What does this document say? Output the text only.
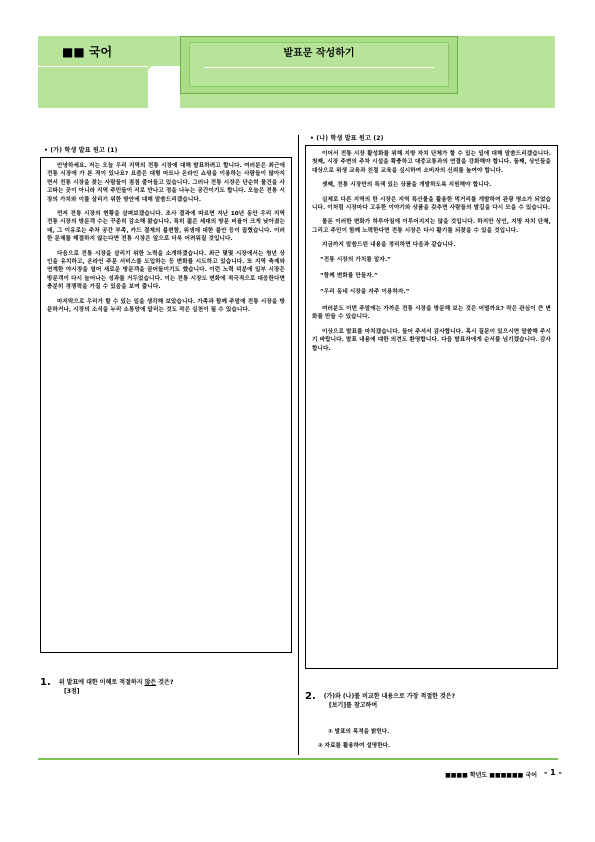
■■ 국어	발표문 작성하기
• (가) 학생 발표 원고 (1)

안녕하세요. 저는 오늘 우리 지역의 전통 시장에 대해 발표하려고 합니다. 여러분은 최근에 전통 시장에 가 본 적이 있나요? 요즘은 대형 마트나 온라인 쇼핑을 이용하는 사람들이 많아지면서 전통 시장을 찾는 사람들이 점점 줄어들고 있습니다. 그러나 전통 시장은 단순히 물건을 사고파는 곳이 아니라 지역 주민들이 서로 만나고 정을 나누는 공간이기도 합니다. 오늘은 전통 시장의 가치와 이를 살리기 위한 방안에 대해 말씀드리겠습니다.

먼저 전통 시장의 현황을 살펴보겠습니다. 조사 결과에 따르면 지난 10년 동안 우리 지역 전통 시장의 방문객 수는 꾸준히 감소해 왔습니다. 특히 젊은 세대의 방문 비율이 크게 낮아졌는데, 그 이유로는 주차 공간 부족, 카드 결제의 불편함, 위생에 대한 불안 등이 꼽혔습니다. 이러한 문제를 해결하지 않는다면 전통 시장은 앞으로 더욱 어려워질 것입니다.

다음으로 전통 시장을 살리기 위한 노력을 소개하겠습니다. 최근 몇몇 시장에서는 청년 상인을 유치하고, 온라인 주문 서비스를 도입하는 등 변화를 시도하고 있습니다. 또 지역 축제와 연계한 야시장을 열어 새로운 방문객을 끌어들이기도 했습니다. 이런 노력 덕분에 일부 시장은 방문객이 다시 늘어나는 성과를 거두었습니다. 이는 전통 시장도 변화에 적극적으로 대응한다면 충분히 경쟁력을 가질 수 있음을 보여 줍니다.

마지막으로 우리가 할 수 있는 일을 생각해 보았습니다. 가족과 함께 주말에 전통 시장을 방문하거나, 시장의 소식을 누리 소통망에 알리는 것도 작은 실천이 될 수 있습니다.

1. 위 발표에 대한 이해로 적절하지 않은 것은?
[3점]
• (나) 학생 발표 원고 (2)

이어서 전통 시장 활성화를 위해 지방 자치 단체가 할 수 있는 일에 대해 말씀드리겠습니다. 첫째, 시장 주변의 주차 시설을 확충하고 대중교통과의 연결을 강화해야 합니다. 둘째, 상인들을 대상으로 위생 교육과 친절 교육을 실시하여 소비자의 신뢰를 높여야 합니다.

셋째, 전통 시장만의 특색 있는 상품을 개발하도록 지원해야 합니다.

실제로 다른 지역의 한 시장은 지역 특산물을 활용한 먹거리를 개발하여 관광 명소가 되었습니다. 이처럼 시장마다 고유한 이야기와 상품을 갖추면 사람들의 발길을 다시 모을 수 있습니다.

물론 이러한 변화가 하루아침에 이루어지지는 않을 것입니다. 하지만 상인, 지방 자치 단체, 그리고 주민이 함께 노력한다면 전통 시장은 다시 활기를 되찾을 수 있을 것입니다.

지금까지 말씀드린 내용을 정리하면 다음과 같습니다.

“전통 시장의 가치를 알자.”

“함께 변화를 만들자.”

“우리 동네 시장을 자주 이용하자.”

여러분도 이번 주말에는 가까운 전통 시장을 방문해 보는 것은 어떨까요? 작은 관심이 큰 변화를 만들 수 있습니다.

이상으로 발표를 마치겠습니다. 들어 주셔서 감사합니다. 혹시 질문이 있으시면 말씀해 주시기 바랍니다. 발표 내용에 대한 의견도 환영합니다. 다음 발표자에게 순서를 넘기겠습니다. 감사합니다.

2. (가)와 (나)를 비교한 내용으로 가장 적절한 것은?
[보기]를 참고하여
① 발표의 목적을 밝힌다.
② 자료를 활용하여 설명한다.
■■■■ 학년도 ■■■■■■ 국어 - 1 -
